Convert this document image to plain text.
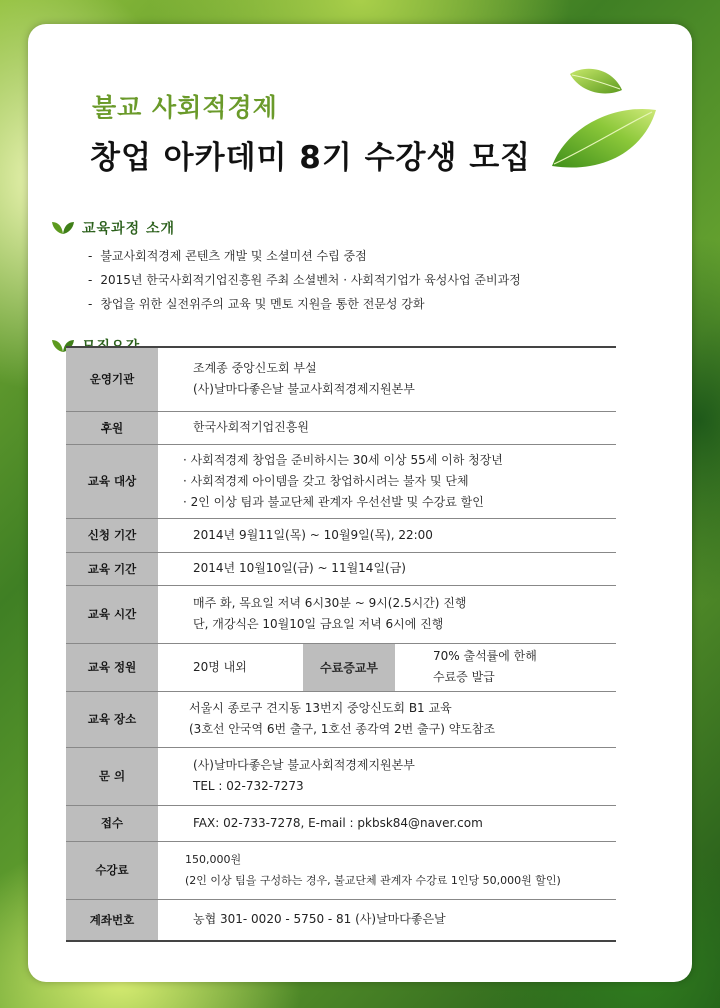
불교 사회적경제
창업 아카데미 8기 수강생 모집
교육과정 소개
- 불교사회적경제 콘텐츠 개발 및 소셜미션 수립 중점
- 2015년 한국사회적기업진흥원 주최 소셜벤처 · 사회적기업가 육성사업 준비과정
- 창업을 위한 실전위주의 교육 및 멘토 지원을 통한 전문성 강화
운영기관	조계종 중앙신도회 부설
(사)날마다좋은날 불교사회적경제지원본부		

후원	한국사회적기업진흥원		

교육 대상	· 사회적경제 창업을 준비하시는 30세 이상 55세 이하 청장년
· 사회적경제 아이템을 갖고 창업하시려는 불자 및 단체
· 2인 이상 팀과 불교단체 관계자 우선선발 및 수강료 할인		

신청 기간	2014년 9월11일(목) ~ 10월9일(목), 22:00		

교육 기간	2014년 10월10일(금) ~ 11월14일(금)		

교육 시간	매주 화, 목요일 저녁 6시30분 ~ 9시(2.5시간) 진행
단, 개강식은 10월10일 금요일 저녁 6시에 진행		

교육 정원	20명 내외	수료증교부	70% 출석률에 한해
수료증 발급

교육 장소	서울시 종로구 견지동 13번지 중앙신도회 B1 교육
(3호선 안국역 6번 출구, 1호선 종각역 2번 출구) 약도참조		

문 의	(사)날마다좋은날 불교사회적경제지원본부
TEL : 02-732-7273		

접수	FAX: 02-733-7278, E-mail : pkbsk84@naver.com		

수강료	150,000원
(2인 이상 팀을 구성하는 경우, 불교단체 관계자 수강료 1인당 50,000원 할인)		

계좌번호	농협 301- 0020 - 5750 - 81 (사)날마다좋은날		
